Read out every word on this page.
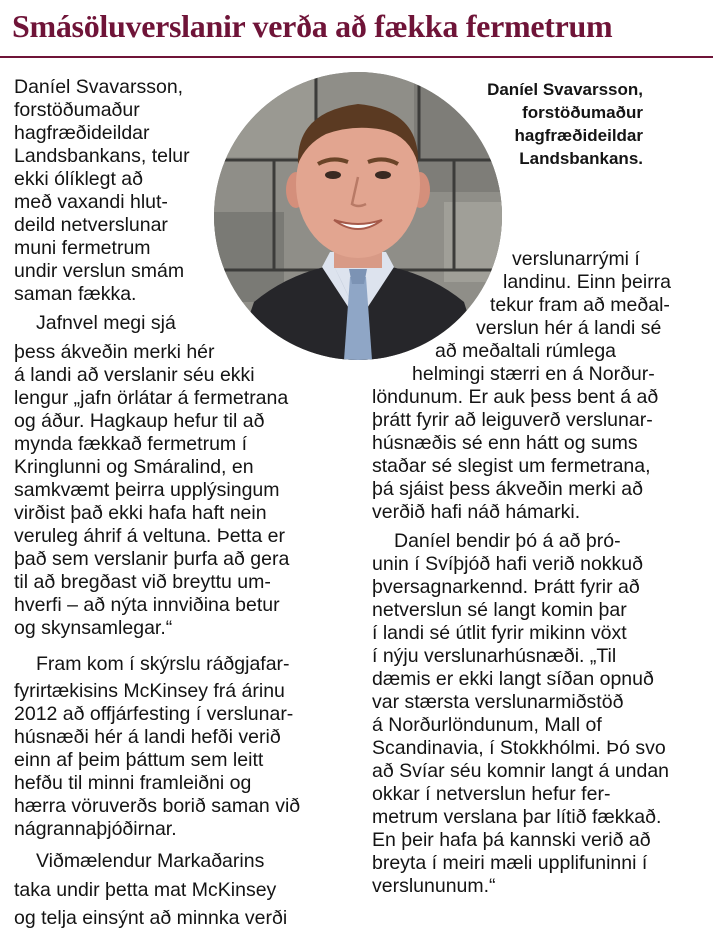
Smásöluverslanir verða að fækka fermetrum
Daníel Svavarsson,
forstöðumaður
hagfræðideildar
Landsbankans.
Daníel Svavarsson,
forstöðumaður
hagfræðideildar
Landsbankans, telur
ekki ólíklegt að
með vaxandi hlut-
deild netverslunar
muni fermetrum
undir verslun smám
saman fækka.
Jafnvel megi sjá
þess ákveðin merki hér
á landi að verslanir séu ekki
lengur „jafn örlátar á fermetrana
og áður. Hagkaup hefur til að
mynda fækkað fermetrum í
Kringlunni og Smáralind, en
samkvæmt þeirra upplýsingum
virðist það ekki hafa haft nein
veruleg áhrif á veltuna. Þetta er
það sem verslanir þurfa að gera
til að bregðast við breyttu um-
hverfi – að nýta innviðina betur
og skynsamlegar.“
Fram kom í skýrslu ráðgjafar-
fyrirtækisins McKinsey frá árinu
2012 að offjárfesting í verslunar-
húsnæði hér á landi hefði verið
einn af þeim þáttum sem leitt
hefðu til minni framleiðni og
hærra vöruverðs borið saman við
nágrannaþjóðirnar.
Viðmælendur Markaðarins
taka undir þetta mat McKinsey
og telja einsýnt að minnka verði
verslunarrými í
landinu. Einn þeirra
tekur fram að meðal-
verslun hér á landi sé
að meðaltali rúmlega
helmingi stærri en á Norður-
löndunum. Er auk þess bent á að
þrátt fyrir að leiguverð verslunar-
húsnæðis sé enn hátt og sums
staðar sé slegist um fermetrana,
þá sjáist þess ákveðin merki að
verðið hafi náð hámarki.
Daníel bendir þó á að þró-
unin í Svíþjóð hafi verið nokkuð
þversagnarkennd. Þrátt fyrir að
netverslun sé langt komin þar
í landi sé útlit fyrir mikinn vöxt
í nýju verslunarhúsnæði. „Til
dæmis er ekki langt síðan opnuð
var stærsta verslunarmiðstöð
á Norðurlöndunum, Mall of
Scandinavia, í Stokkhólmi. Þó svo
að Svíar séu komnir langt á undan
okkar í netverslun hefur fer-
metrum verslana þar lítið fækkað.
En þeir hafa þá kannski verið að
breyta í meiri mæli upplifuninni í
verslununum.“
